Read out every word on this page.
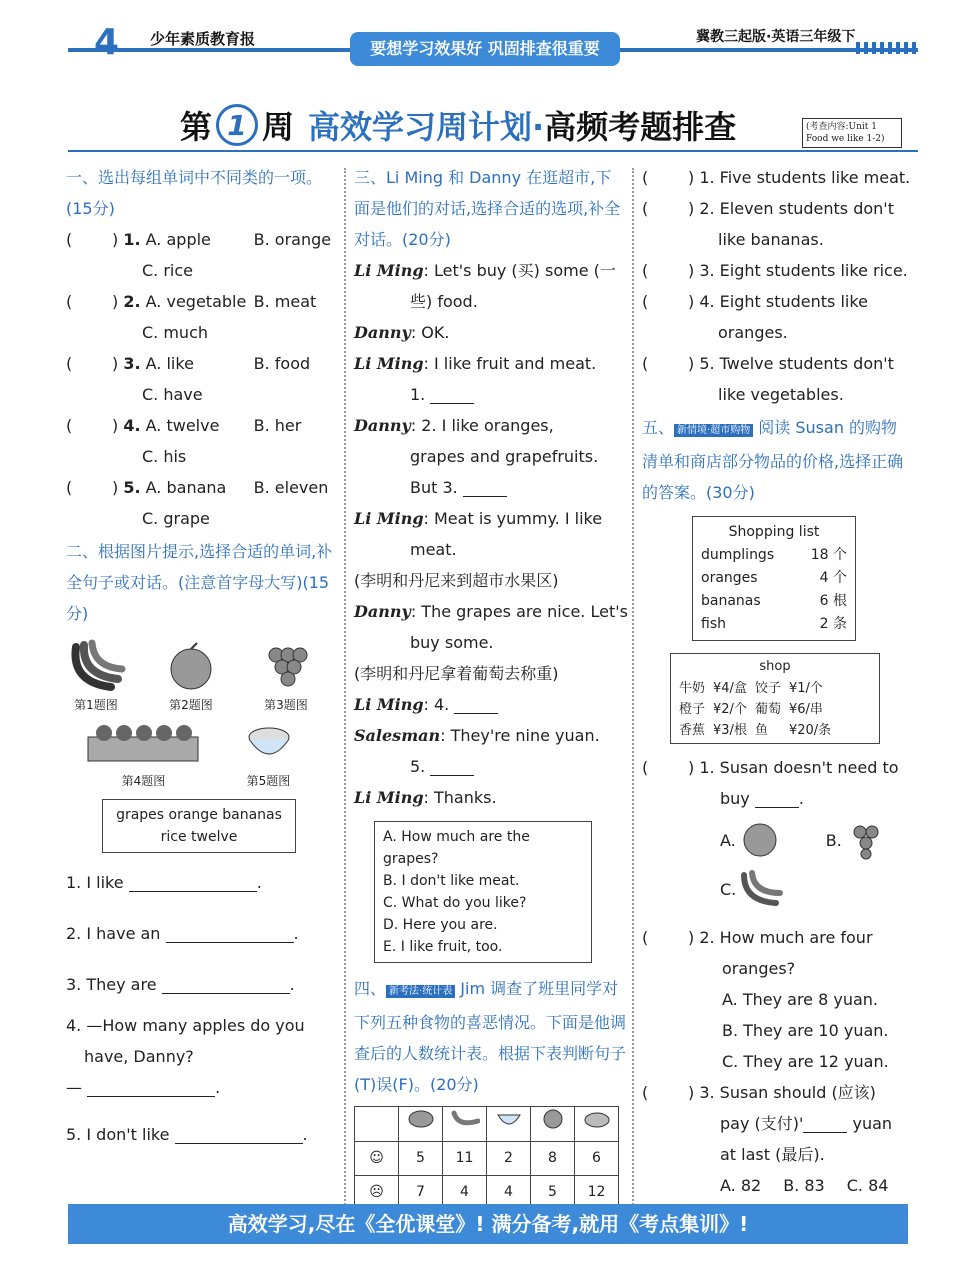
4 少年素质教育报	要想学习效果好 巩固排查很重要
冀教三起版·英语三年级下
第 1 周 高效学习周计划· 高频考题排查	(考查内容:Unit 1 Food we like 1-2)
一、选出每组单词中不同类的一项。(15分)
( ) 1. A. apple	B. orange
C. rice
( ) 2. A. vegetable B. meat
C. much
( ) 3. A. like	B. food
C. have
( ) 4. A. twelve B. her
C. his
( ) 5. A. banana B. eleven
C. grape
二、根据图片提示,选择合适的单词,补全句子或对话。(注意首字母大写)(15分)
第1题图	第2题图	第3题图
第4题图	第5题图
grapes orange bananas
rice twelve
1. I like	.
2. I have an	.
3. They are	.
4. —How many apples do you
have, Danny?
—	.
5. I don't like	.
三、Li Ming 和 Danny 在逛超市,下面是他们的对话,选择合适的选项,补全对话。(20分)
Li Ming: Let's buy (买) some (一
些) food.
Danny: OK.
Li Ming: I like fruit and meat.
1.
Danny: 2. I like oranges,
grapes and grapefruits.
But 3.
Li Ming: Meat is yummy. I like
meat.
(李明和丹尼来到超市水果区)
Danny: The grapes are nice. Let's
buy some.
(李明和丹尼拿着葡萄去称重)
Li Ming: 4.
Salesman: They're nine yuan.
5.
Li Ming: Thanks.
A. How much are the grapes?
B. I don't like meat.
C. What do you like?
D. Here you are.
E. I like fruit, too.
四、 新考法·统计表 Jim 调查了班里同学对下列五种食物的喜恶情况。下面是他调查后的人数统计表。根据下表判断句子(T)误(F)。(20分)

☺	5	11	2	8	6
☹	7	4	4	5	12
( ) 1. Five students like meat.
( ) 2. Eleven students don't
like bananas.
( ) 3. Eight students like rice.
( ) 4. Eight students like
oranges.
( ) 5. Twelve students don't
like vegetables.
五、 新情境·超市购物 阅读 Susan 的购物清单和商店部分物品的价格,选择正确的答案。(30分)
Shopping list
dumplings	18 个
oranges	4 个
bananas	6 根
fish	2 条
shop
牛奶	¥4/盒	饺子	¥1/个
橙子	¥2/个	葡萄	¥6/串
香蕉	¥3/根	鱼	¥20/条
( ) 1. Susan doesn't need to
buy	.
A.	B.
C.
( ) 2. How much are four
oranges?
A. They are 8 yuan.
B. They are 10 yuan.
C. They are 12 yuan.
( ) 3. Susan should (应该)
pay (支付)'	yuan
at last (最后).
A. 82 B. 83 C. 84
高效学习,尽在《全优课堂》! 满分备考,就用《考点集训》!
